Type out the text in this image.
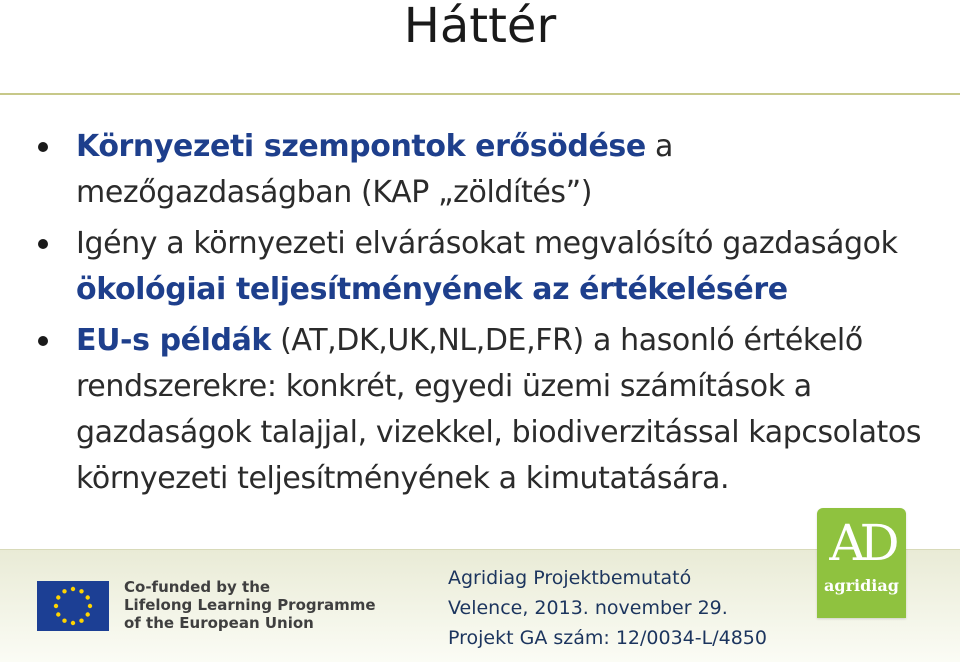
Háttér
Környezeti szempontok erősödése a mezőgazdaságban (KAP „zöldítés”)
Igény a környezeti elvárásokat megvalósító gazdaságok ökológiai teljesítményének az értékelésére
EU-s példák (AT,DK,UK,NL,DE,FR) a hasonló értékelő rendszerekre: konkrét, egyedi üzemi számítások a gazdaságok talajjal, vizekkel, biodiverzitással kapcsolatos környezeti teljesítményének a kimutatására.
Co-funded by the
Lifelong Learning Programme
of the European Union
Agridiag Projektbemutató
Velence, 2013. november 29.
Projekt GA szám: 12/0034-L/4850
AD
agridiag
